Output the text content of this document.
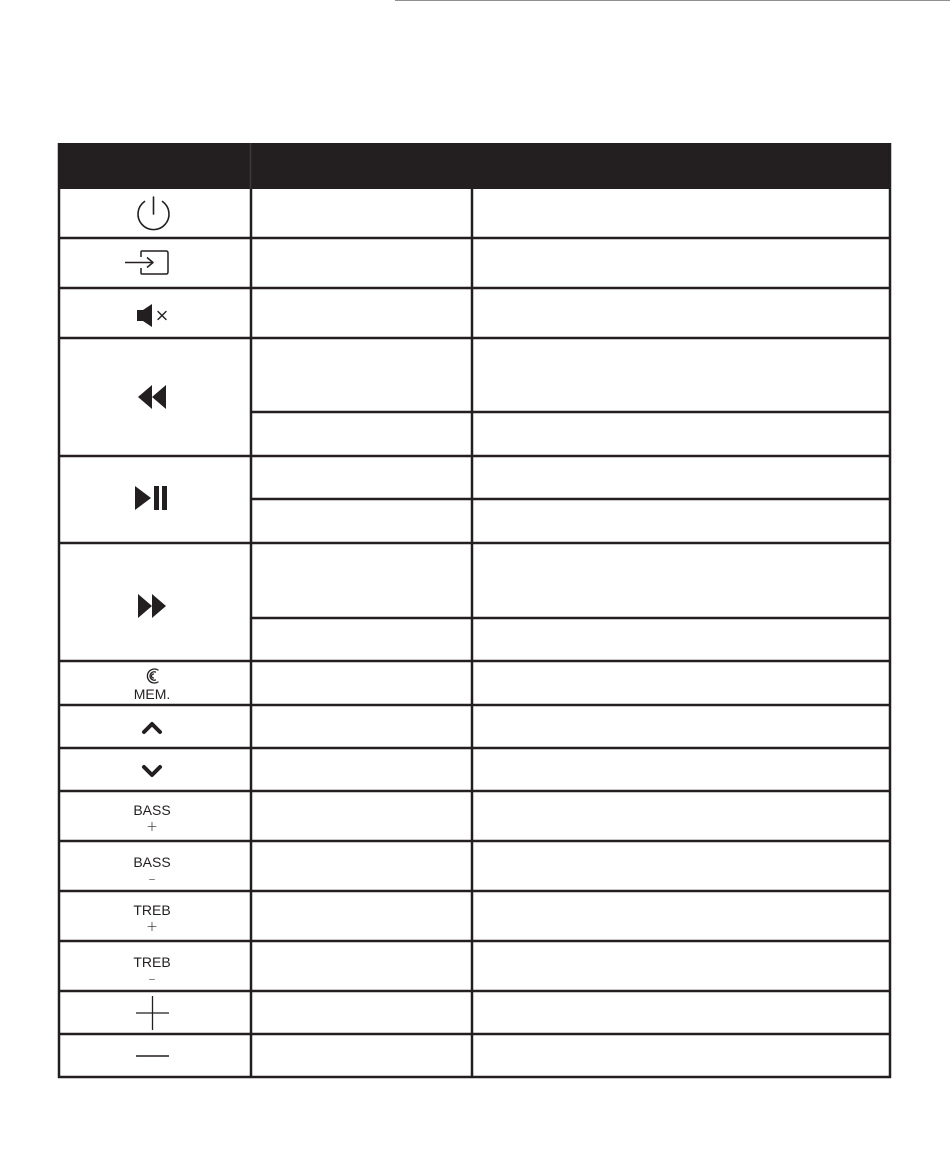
MEM.
BASS
+
BASS
–
TREB
+
TREB
–
